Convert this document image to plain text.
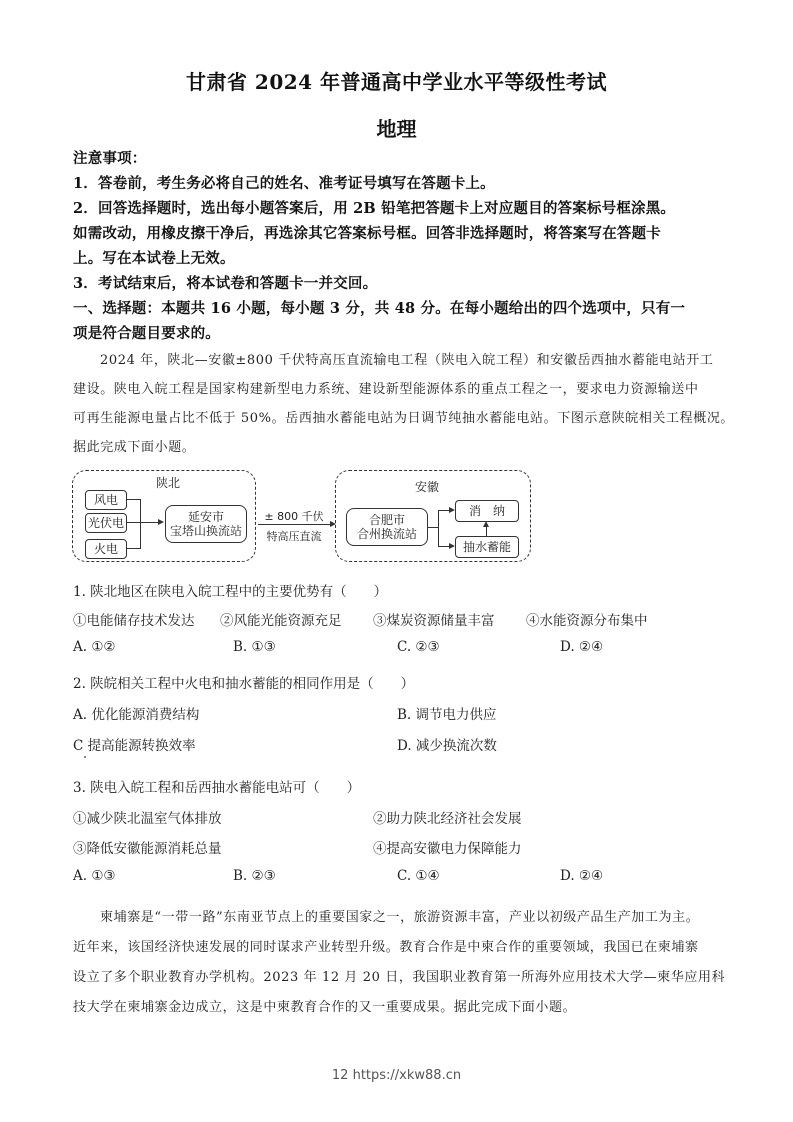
甘肃省 2024 年普通高中学业水平等级性考试
地理
注意事项：
1．答卷前，考生务必将自己的姓名、准考证号填写在答题卡上。
2．回答选择题时，选出每小题答案后，用 2B 铅笔把答题卡上对应题目的答案标号框涂黑。
如需改动，用橡皮擦干净后，再选涂其它答案标号框。回答非选择题时，将答案写在答题卡
上。写在本试卷上无效。
3．考试结束后，将本试卷和答题卡一并交回。
一、选择题：本题共 16 小题，每小题 3 分，共 48 分。在每小题给出的四个选项中，只有一
项是符合题目要求的。
2024 年，陕北—安徽±800 千伏特高压直流输电工程（陕电入皖工程）和安徽岳西抽水蓄能电站开工
建设。陕电入皖工程是国家构建新型电力系统、建设新型能源体系的重点工程之一，要求电力资源输送中
可再生能源电量占比不低于 50%。岳西抽水蓄能电站为日调节纯抽水蓄能电站。下图示意陕皖相关工程概况。
据此完成下面小题。
陕北
风电
光伏电
火电
延安市
宝塔山换流站
± 800 千伏
特高压直流
安徽
合肥市
合州换流站
消　纳
抽水蓄能
1. 陕北地区在陕电入皖工程中的主要优势有（　　）
①电能储存技术发达 ②风能光能资源充足 ③煤炭资源储量丰富 ④水能资源分布集中
A. ①②	B. ①③	C. ②③	D. ②④
2. 陕皖相关工程中火电和抽水蓄能的相同作用是（　　）
A. 优化能源消费结构	B. 调节电力供应
C 提高能源转换效率	D. 减少换流次数
3. 陕电入皖工程和岳西抽水蓄能电站可（　　）
①减少陕北温室气体排放	②助力陕北经济社会发展
③降低安徽能源消耗总量	④提高安徽电力保障能力
A. ①③	B. ②③	C. ①④	D. ②④
柬埔寨是“一带一路”东南亚节点上的重要国家之一，旅游资源丰富，产业以初级产品生产加工为主。
近年来，该国经济快速发展的同时谋求产业转型升级。教育合作是中柬合作的重要领域，我国已在柬埔寨
设立了多个职业教育办学机构。2023 年 12 月 20 日，我国职业教育第一所海外应用技术大学—柬华应用科
技大学在柬埔寨金边成立，这是中柬教育合作的又一重要成果。据此完成下面小题。
12 https://xkw88.cn
